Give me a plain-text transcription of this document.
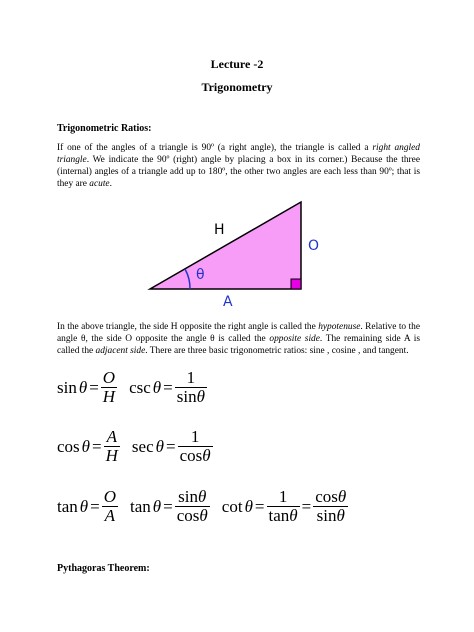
Lecture -2
Trigonometry
Trigonometric Ratios:
If one of the angles of a triangle is 90º (a right angle), the triangle is called a right angled triangle. We indicate the 90º (right) angle by placing a box in its corner.) Because the three (internal) angles of a triangle add up to 180º, the other two angles are each less than 90º; that is they are acute.
θ
H
O
A
In the above triangle, the side H opposite the right angle is called the hypotenuse. Relative to the angle θ, the side O opposite the angle θ is called the opposite side. The remaining side A is called the adjacent side. There are three basic trigonometric ratios: sine , cosine , and tangent.
$\sin \theta = \frac{O}{H}$ $\csc \theta = \frac{1}{\sin\theta}$
$\cos \theta = \frac{A}{H}$ $\sec \theta = \frac{1}{\cos\theta}$
$\tan \theta = \frac{O}{A}$ $\tan \theta = \frac{\sin\theta}{\cos\theta}$ $\cot \theta = \frac{1}{\tan\theta} = \frac{\cos\theta}{\sin\theta}$
Pythagoras Theorem:
